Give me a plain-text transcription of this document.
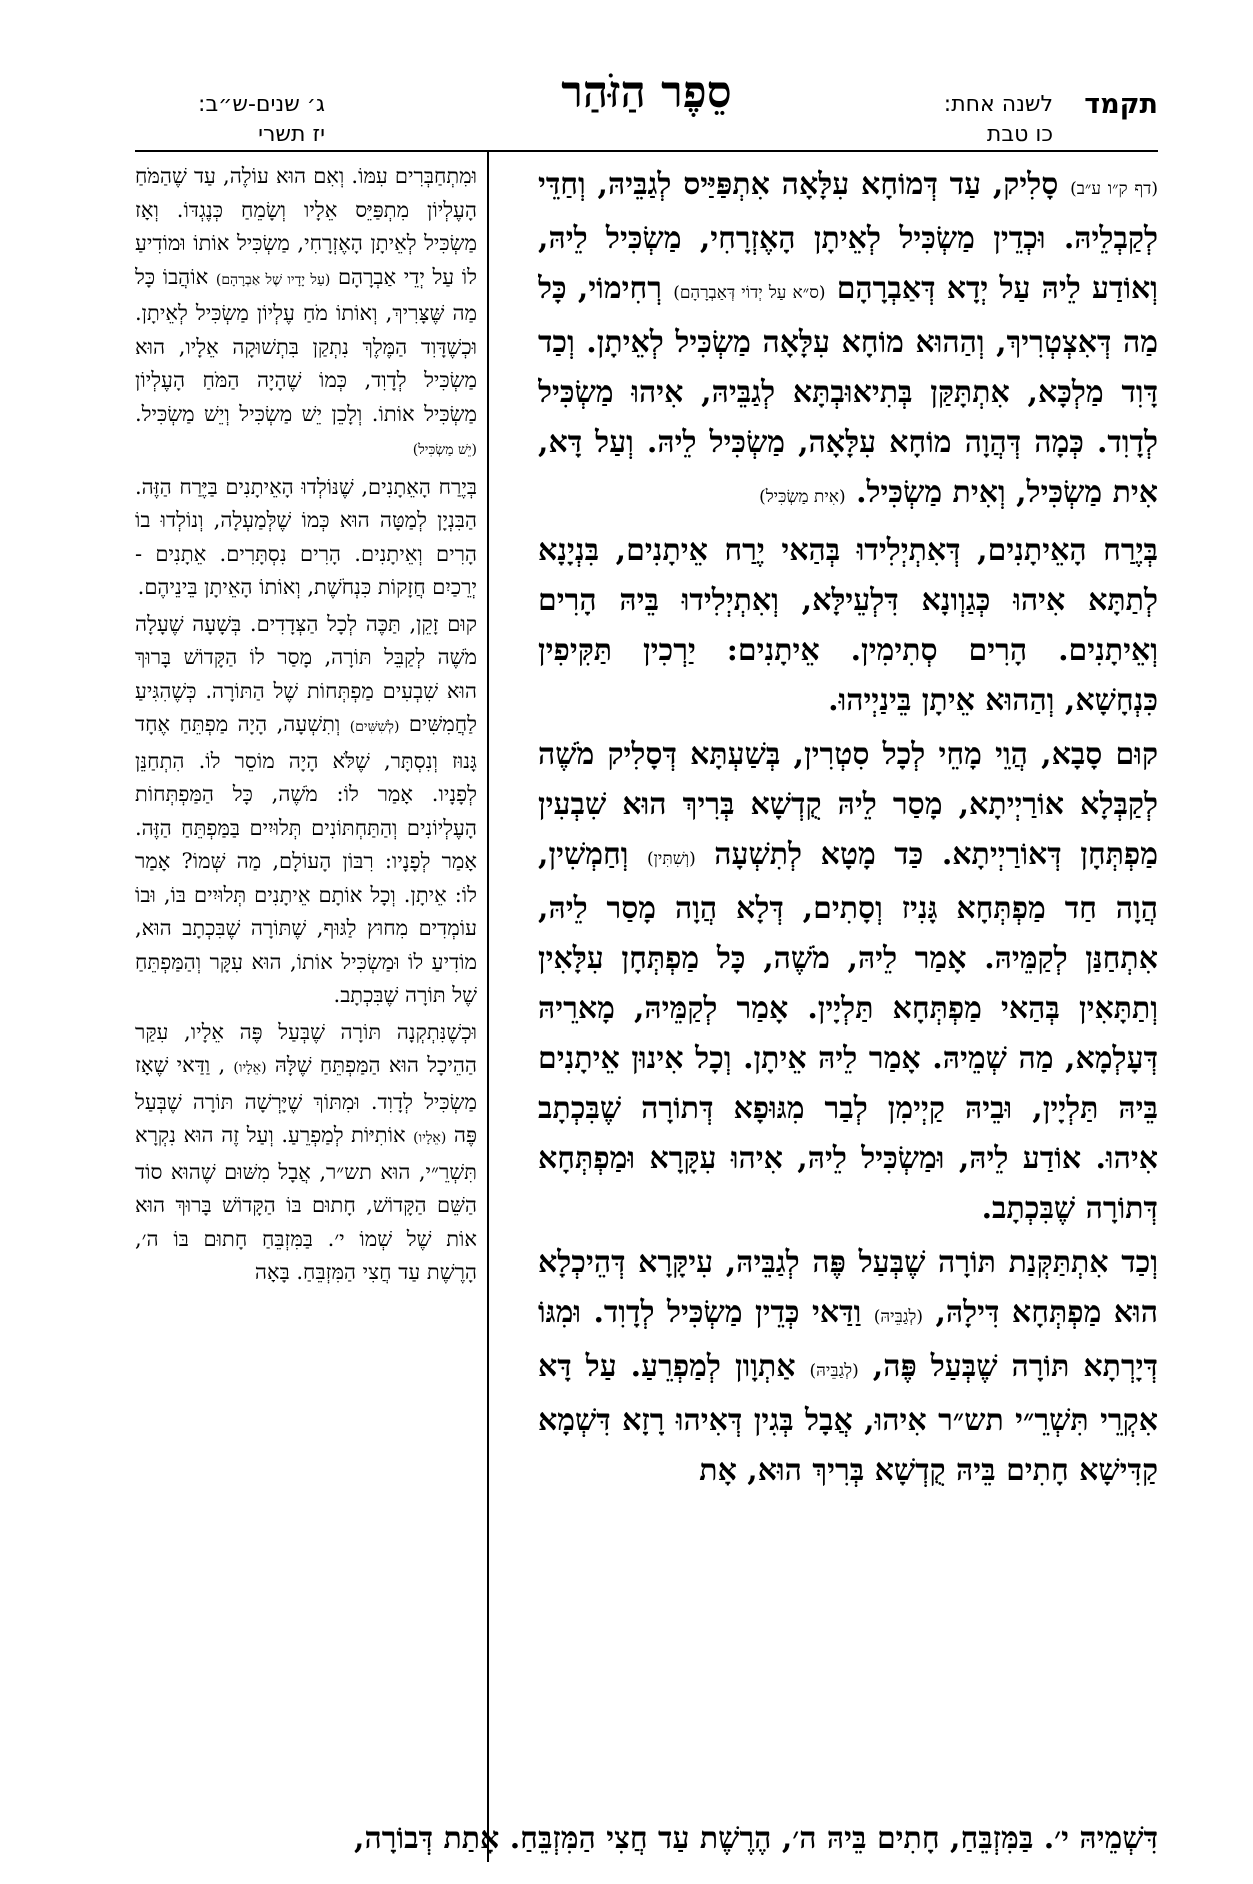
תקמד
לשנה אחת:
כו טבת
סֵפֶר הַזֹּהַר
ג׳ שנים-ש״ב:
יז תשרי

(דף ק״ו ע״ב) סָלִיק, עַד דְּמוֹחָא עִלָּאָה אִתְפַּיַּיס לְגַבֵּיהּ, וְחַדֵּי לְקַבְלֵיהּ. וּכְדֵין מַשְׂכִּיל לְאֵיתָן הָאֶזְרָחִי, מַשְׂכִּיל לֵיהּ, וְאוֹדַע לֵיהּ עַל יְדָא דְּאַבְרָהָם (ס״א עַל יְדוֹי דְּאַבְרָהָם) רְחִימוֹי, כָּל מַה דְּאִצְטְרִיךְ, וְהַהוּא מוֹחָא עִלָּאָה מַשְׂכִּיל לְאֵיתָן. וְכַד דָּוִד מַלְכָּא, אִתְתָּקַּן בְּתִיאוּבְתָּא לְגַבֵּיהּ, אִיהוּ מַשְׂכִּיל לְדָוִד. כְּמָה דְּהֲוָה מוֹחָא עִלָּאָה, מַשְׂכִּיל לֵיהּ. וְעַל דָּא, אִית מַשְׂכִּיל, וְאִית מַשְׂכִּיל. (אִית מַשְׂכִּיל)

בְּיֶרַח הָאֵיתָנִים, דְּאִתְיְלִידוּ בְּהַאי יֶרַח אֵיתָנִים, בִּנְיָנָא לְתַתָּא אִיהוּ כְּגַוְונָא דִּלְעֵילָּא, וְאִתְיְלִידוּ בֵּיהּ הָרִים וְאֵיתָנִים. הָרִים סְתִימִין. אֵיתָנִים: יַרְכִין תַּקִּיפִין כִּנְחָשָׁא, וְהַהוּא אֵיתָן בֵּינַיְיהוּ.

קוּם סָבָא, הֲוֵי מָחֵי לְכָל סִטְרִין, בְּשַׁעְתָּא דְּסָלִיק מֹשֶׁה לְקַבְּלָא אוֹרַיְיתָא, מָסַר לֵיהּ קֻדְשָׁא בְּרִיךְ הוּא שִׁבְעִין מַפְתְּחָן דְּאוֹרַיְיתָא. כַּד מָטָא לְתִשְׁעָה (וְשִׁתִּין) וְחַמְשִׁין, הֲוָה חַד מַפְתְּחָא גָּנִיז וְסָתִים, דְּלָא הֲוָה מָסַר לֵיהּ, אִתְחַנַּן לְקַמֵּיהּ. אָמַר לֵיהּ, מֹשֶׁה, כָּל מַפְתְּחָן עִלָּאִין וְתַתָּאִין בְּהַאי מַפְתְּחָא תַּלְיָין. אָמַר לְקַמֵּיהּ, מָארֵיהּ דְּעָלְמָא, מַה שְׁמֵיהּ. אָמַר לֵיהּ אֵיתָן. וְכָל אִינוּן אֵיתָנִים בֵּיהּ תַּלְיָין, וּבֵיהּ קַיְימִן לְבַר מִגּוּפָא דְּתוֹרָה שֶׁבִּכְתָב אִיהוּ. אוֹדַע לֵיהּ, וּמַשְׂכִּיל לֵיהּ, אִיהוּ עִקָּרָא וּמַפְתְּחָא דְּתוֹרָה שֶׁבִּכְתָב.

וְכַד אִתְתַּקְּנַת תּוֹרָה שֶׁבְּעַל פֶּה לְגַבֵּיהּ, עִיקָּרָא דְּהֵיכְלָא הוּא מַפְתְּחָא דִּילָהּ, (לְגַבֵּיהּ) וַדַּאי כְּדֵין מַשְׂכִּיל לְדָוִד. וּמִגּוֹ דְּיָרְתָא תּוֹרָה שֶׁבְּעַל פֶּה, (לְגַבֵּיהּ) אַתְוָון לְמַפְרֵעַ. עַל דָּא אִקְרֵי תִּשְׁרֵ״י תש״ר אִיהוּ, אֲבָל בְּגִין דְּאִיהוּ רָזָא דִּשְׁמָא קַדִּישָׁא חָתִים בֵּיהּ קֻדְשָׁא בְּרִיךְ הוּא, אָת

וּמִתְחַבְּרִים עִמּוֹ. וְאִם הוּא עוֹלֶה, עַד שֶׁהַמֹּחַ הָעֶלְיוֹן מִתְפַּיֵּס אֵלָיו וְשָׂמֵחַ כְּנֶגְדּוֹ. וְאָז מַשְׂכִּיל לְאֵיתָן הָאֶזְרָחִי, מַשְׂכִּיל אוֹתוֹ וּמוֹדִיעַ לוֹ עַל יְדֵי אַבְרָהָם (עַל יָדָיו שֶׁל אַבְרָהָם) אוֹהֲבוֹ כָּל מַה שֶּׁצָּרִיךְ, וְאוֹתוֹ מֹחַ עֶלְיוֹן מַשְׂכִּיל לְאֵיתָן. וּכְשֶׁדָּוִד הַמֶּלֶךְ נִתְקַן בִּתְשׁוּקָה אֵלָיו, הוּא מַשְׂכִּיל לְדָוִד, כְּמוֹ שֶׁהָיָה הַמֹּחַ הָעֶלְיוֹן מַשְׂכִּיל אוֹתוֹ. וְלָכֵן יֵשׁ מַשְׂכִּיל וְיֵשׁ מַשְׂכִּיל. (יֵשׁ מַשְׂכִּיל)

בְּיֶרַח הָאֵתָנִים, שֶׁנּוֹלְדוּ הָאֵיתָנִים בַּיֶּרַח הַזֶּה. הַבִּנְיָן לְמַטָּה הוּא כְּמוֹ שֶׁלְּמַעְלָה, וְנוֹלְדוּ בוֹ הָרִים וְאֵיתָנִים. הָרִים נִסְתָּרִים. אֵתָנִים - יְרֵכַיִם חֲזָקוֹת כִּנְחֹשֶׁת, וְאוֹתוֹ הָאֵיתָן בֵּינֵיהֶם.

קוּם זָקֵן, תַּכֶּה לְכָל הַצְּדָדִים. בְּשָׁעָה שֶׁעָלָה מֹשֶׁה לְקַבֵּל תּוֹרָה, מָסַר לוֹ הַקָּדוֹשׁ בָּרוּךְ הוּא שִׁבְעִים מַפְתְּחוֹת שֶׁל הַתּוֹרָה. כְּשֶׁהִגִּיעַ לַחֲמִשִּׁים (לְשִׁשִּׁים) וְתִשְׁעָה, הָיָה מַפְתֵּחַ אֶחָד גָּנוּז וְנִסְתָּר, שֶׁלֹּא הָיָה מוֹסֵר לוֹ. הִתְחַנֵּן לְפָנָיו. אָמַר לוֹ: מֹשֶׁה, כָּל הַמַּפְתְּחוֹת הָעֶלְיוֹנִים וְהַתַּחְתּוֹנִים תְּלוּיִים בַּמַּפְתֵּחַ הַזֶּה. אָמַר לְפָנָיו: רִבּוֹן הָעוֹלָם, מַה שְּׁמוֹ? אָמַר לוֹ: אֵיתָן. וְכָל אוֹתָם אֵיתָנִים תְּלוּיִים בּוֹ, וּבוֹ עוֹמְדִים מִחוּץ לַגּוּף, שֶׁתּוֹרָה שֶׁבִּכְתָב הוּא, מוֹדִיעַ לוֹ וּמַשְׂכִּיל אוֹתוֹ, הוּא עִקָּר וְהַמַּפְתֵּחַ שֶׁל תּוֹרָה שֶׁבִּכְתָב.

וּכְשֶׁנִּתְקְנָה תּוֹרָה שֶׁבְּעַל פֶּה אֵלָיו, עִקַּר הַהֵיכָל הוּא הַמַּפְתֵּחַ שֶׁלָּהּ (אֵלָיו) , וַדַּאי שֶׁאָז מַשְׂכִּיל לְדָוִד. וּמִתּוֹךְ שֶׁיָּרְשָׁה תּוֹרָה שֶׁבְּעַל פֶּה (אֵלָיו) אוֹתִיּוֹת לְמַפְרֵעַ. וְעַל זֶה הוּא נִקְרָא תִּשְׁרֵ״י, הוּא תש״ר, אֲבָל מִשּׁוּם שֶׁהוּא סוֹד הַשֵּׁם הַקָּדוֹשׁ, חָתוּם בּוֹ הַקָּדוֹשׁ בָּרוּךְ הוּא אוֹת שֶׁל שְׁמוֹ י׳. בַּמִּזְבֵּחַ חָתוּם בּוֹ ה׳, הָרֶשֶׁת עַד חֲצִי הַמִּזְבֵּחַ. בָּאָה

דִּשְׁמֵיהּ י׳. בַּמִּזְבֵּחַ, חָתִים בֵּיהּ ה׳, הֶרֶשֶׁת עַד חֲצִי הַמִּזְבֵּחַ. אָתַת דְּבוֹרָה,
